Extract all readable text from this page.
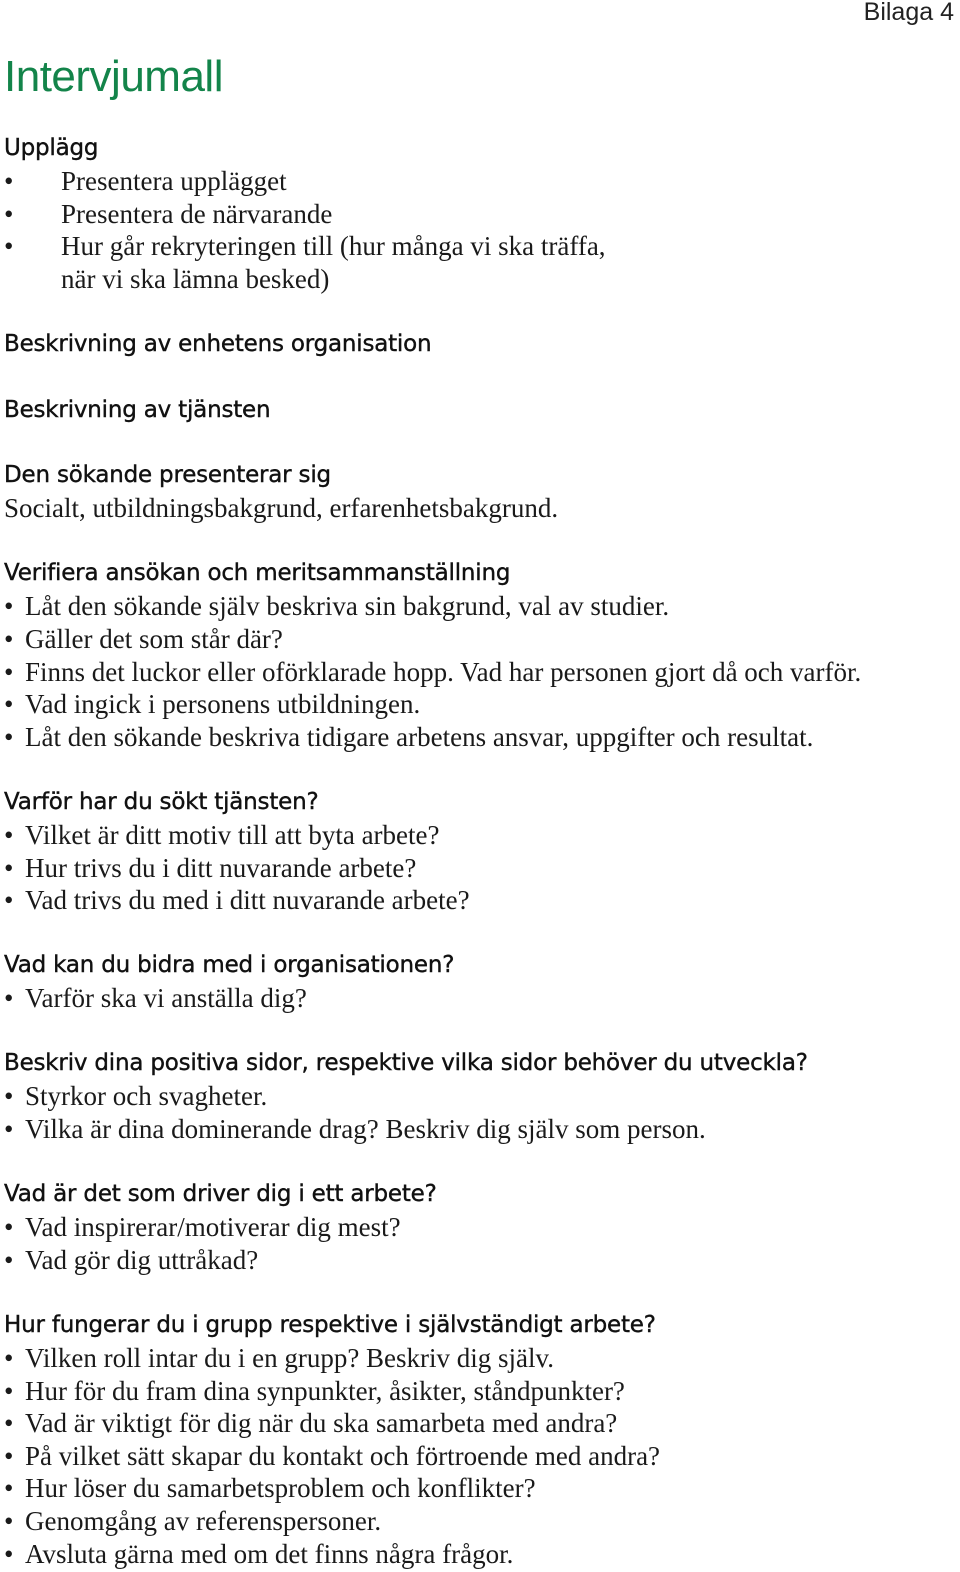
Bilaga 4
Intervjumall
Upplägg
• Presentera upplägget
• Presentera de närvarande
• Hur går rekryteringen till (hur många vi ska träffa,
när vi ska lämna besked)
Beskrivning av enhetens organisation
Beskrivning av tjänsten
Den sökande presenterar sig

Socialt, utbildningsbakgrund, erfarenhetsbakgrund.

Verifiera ansökan och meritsammanställning
• Låt den sökande själv beskriva sin bakgrund, val av studier.
• Gäller det som står där?
• Finns det luckor eller oförklarade hopp. Vad har personen gjort då och varför.
• Vad ingick i personens utbildningen.
• Låt den sökande beskriva tidigare arbetens ansvar, uppgifter och resultat.
Varför har du sökt tjänsten?
• Vilket är ditt motiv till att byta arbete?
• Hur trivs du i ditt nuvarande arbete?
• Vad trivs du med i ditt nuvarande arbete?
Vad kan du bidra med i organisationen?
• Varför ska vi anställa dig?
Beskriv dina positiva sidor, respektive vilka sidor behöver du utveckla?
• Styrkor och svagheter.
• Vilka är dina dominerande drag? Beskriv dig själv som person.
Vad är det som driver dig i ett arbete?
• Vad inspirerar/motiverar dig mest?
• Vad gör dig uttråkad?
Hur fungerar du i grupp respektive i självständigt arbete?
• Vilken roll intar du i en grupp? Beskriv dig själv.
• Hur för du fram dina synpunkter, åsikter, ståndpunkter?
• Vad är viktigt för dig när du ska samarbeta med andra?
• På vilket sätt skapar du kontakt och förtroende med andra?
• Hur löser du samarbetsproblem och konflikter?
• Genomgång av referenspersoner.
• Avsluta gärna med om det finns några frågor.
